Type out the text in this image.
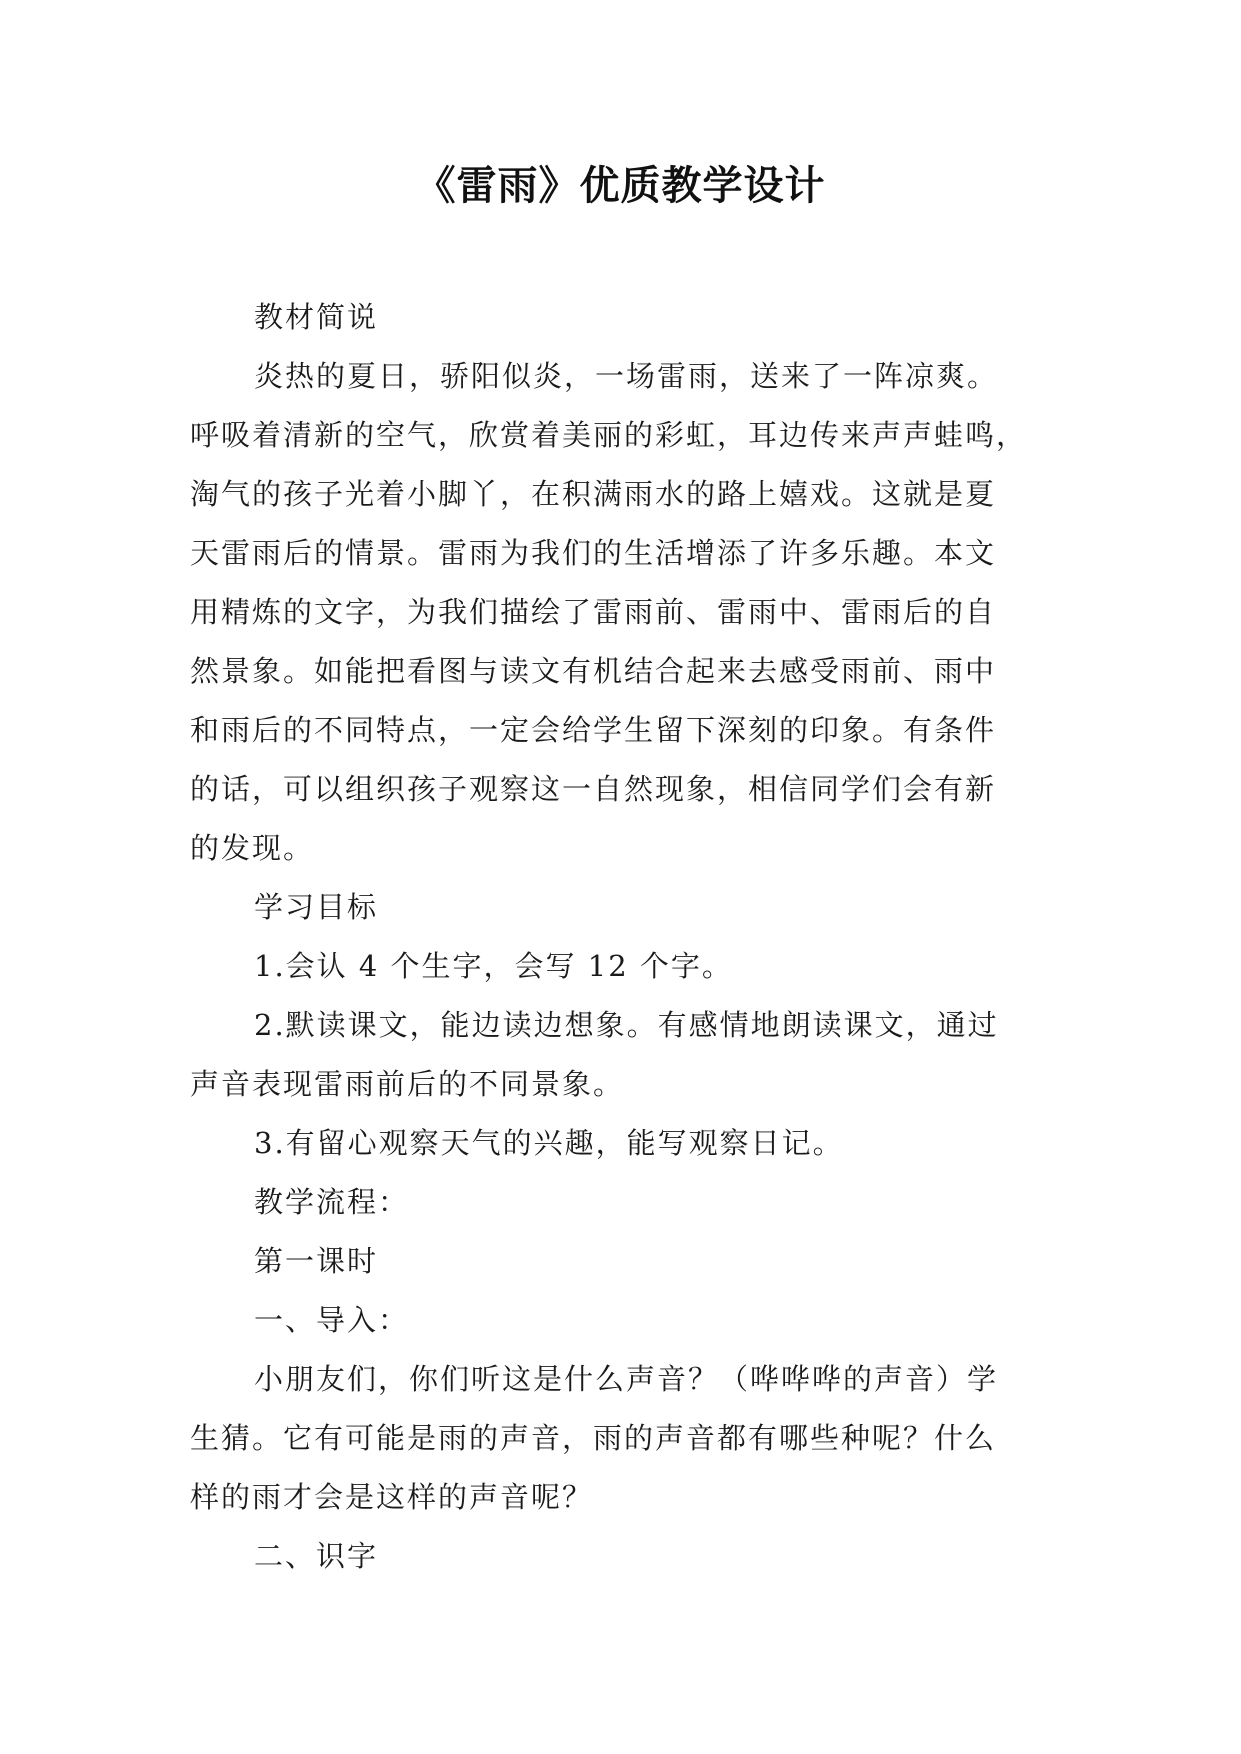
《雷雨》优质教学设计

教材简说

炎热的夏日，骄阳似炎，一场雷雨，送来了一阵凉爽。

呼吸着清新的空气，欣赏着美丽的彩虹，耳边传来声声蛙鸣，

淘气的孩子光着小脚丫，在积满雨水的路上嬉戏。这就是夏

天雷雨后的情景。雷雨为我们的生活增添了许多乐趣。本文

用精炼的文字，为我们描绘了雷雨前、雷雨中、雷雨后的自

然景象。如能把看图与读文有机结合起来去感受雨前、雨中

和雨后的不同特点，一定会给学生留下深刻的印象。有条件

的话，可以组织孩子观察这一自然现象，相信同学们会有新

的发现。

学习目标

1.会认 4 个生字，会写 12 个字。

2.默读课文，能边读边想象。有感情地朗读课文，通过

声音表现雷雨前后的不同景象。

3.有留心观察天气的兴趣，能写观察日记。

教学流程：

第一课时

一、导入：

小朋友们，你们听这是什么声音？（哗哗哗的声音）学

生猜。它有可能是雨的声音，雨的声音都有哪些种呢？什么

样的雨才会是这样的声音呢？

二、识字
